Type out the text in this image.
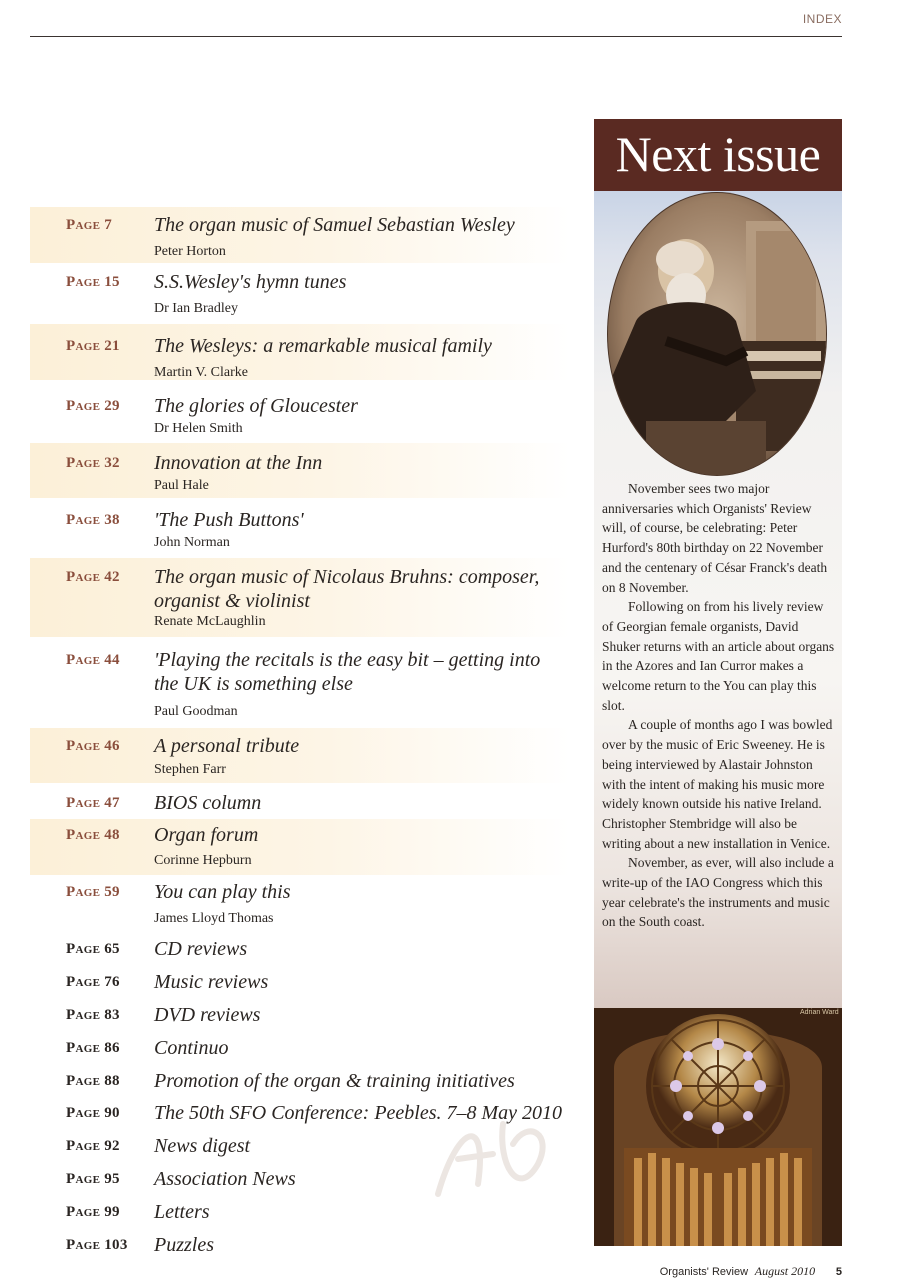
INDEX
Page 7 The organ music of Samuel Sebastian Wesley
Peter Horton
Page 15 S.S.Wesley's hymn tunes
Dr Ian Bradley
Page 21 The Wesleys: a remarkable musical family
Martin V. Clarke
Page 29 The glories of Gloucester
Dr Helen Smith
Page 32 Innovation at the Inn
Paul Hale
Page 38 'The Push Buttons'
John Norman
Page 42 The organ music of Nicolaus Bruhns: composer, organist & violinist
Renate McLaughlin
Page 44 'Playing the recitals is the easy bit – getting into the UK is something else
Paul Goodman
Page 46 A personal tribute
Stephen Farr
Page 47 BIOS column
Page 48 Organ forum
Corinne Hepburn
Page 59 You can play this
James Lloyd Thomas
Page 65 CD reviews
Page 76 Music reviews
Page 83 DVD reviews
Page 86 Continuo
Page 88 Promotion of the organ & training initiatives
Page 90 The 50th SFO Conference: Peebles. 7–8 May 2010
Page 92 News digest
Page 95 Association News
Page 99 Letters
Page 103 Puzzles
Next issue

November sees two major anniversaries which Organists' Review will, of course, be celebrating: Peter Hurford's 80th birthday on 22 November and the centenary of César Franck's death on 8 November.

Following on from his lively review of Georgian female organists, David Shuker returns with an article about organs in the Azores and Ian Curror makes a welcome return to the You can play this slot.

A couple of months ago I was bowled over by the music of Eric Sweeney. He is being interviewed by Alastair Johnston with the intent of making his music more widely known outside his native Ireland. Christopher Stembridge will also be writing about a new installation in Venice.

November, as ever, will also include a write-up of the IAO Congress which this year celebrate's the instruments and music on the South coast.

Adrian Ward
Organists' Review August 2010 5
